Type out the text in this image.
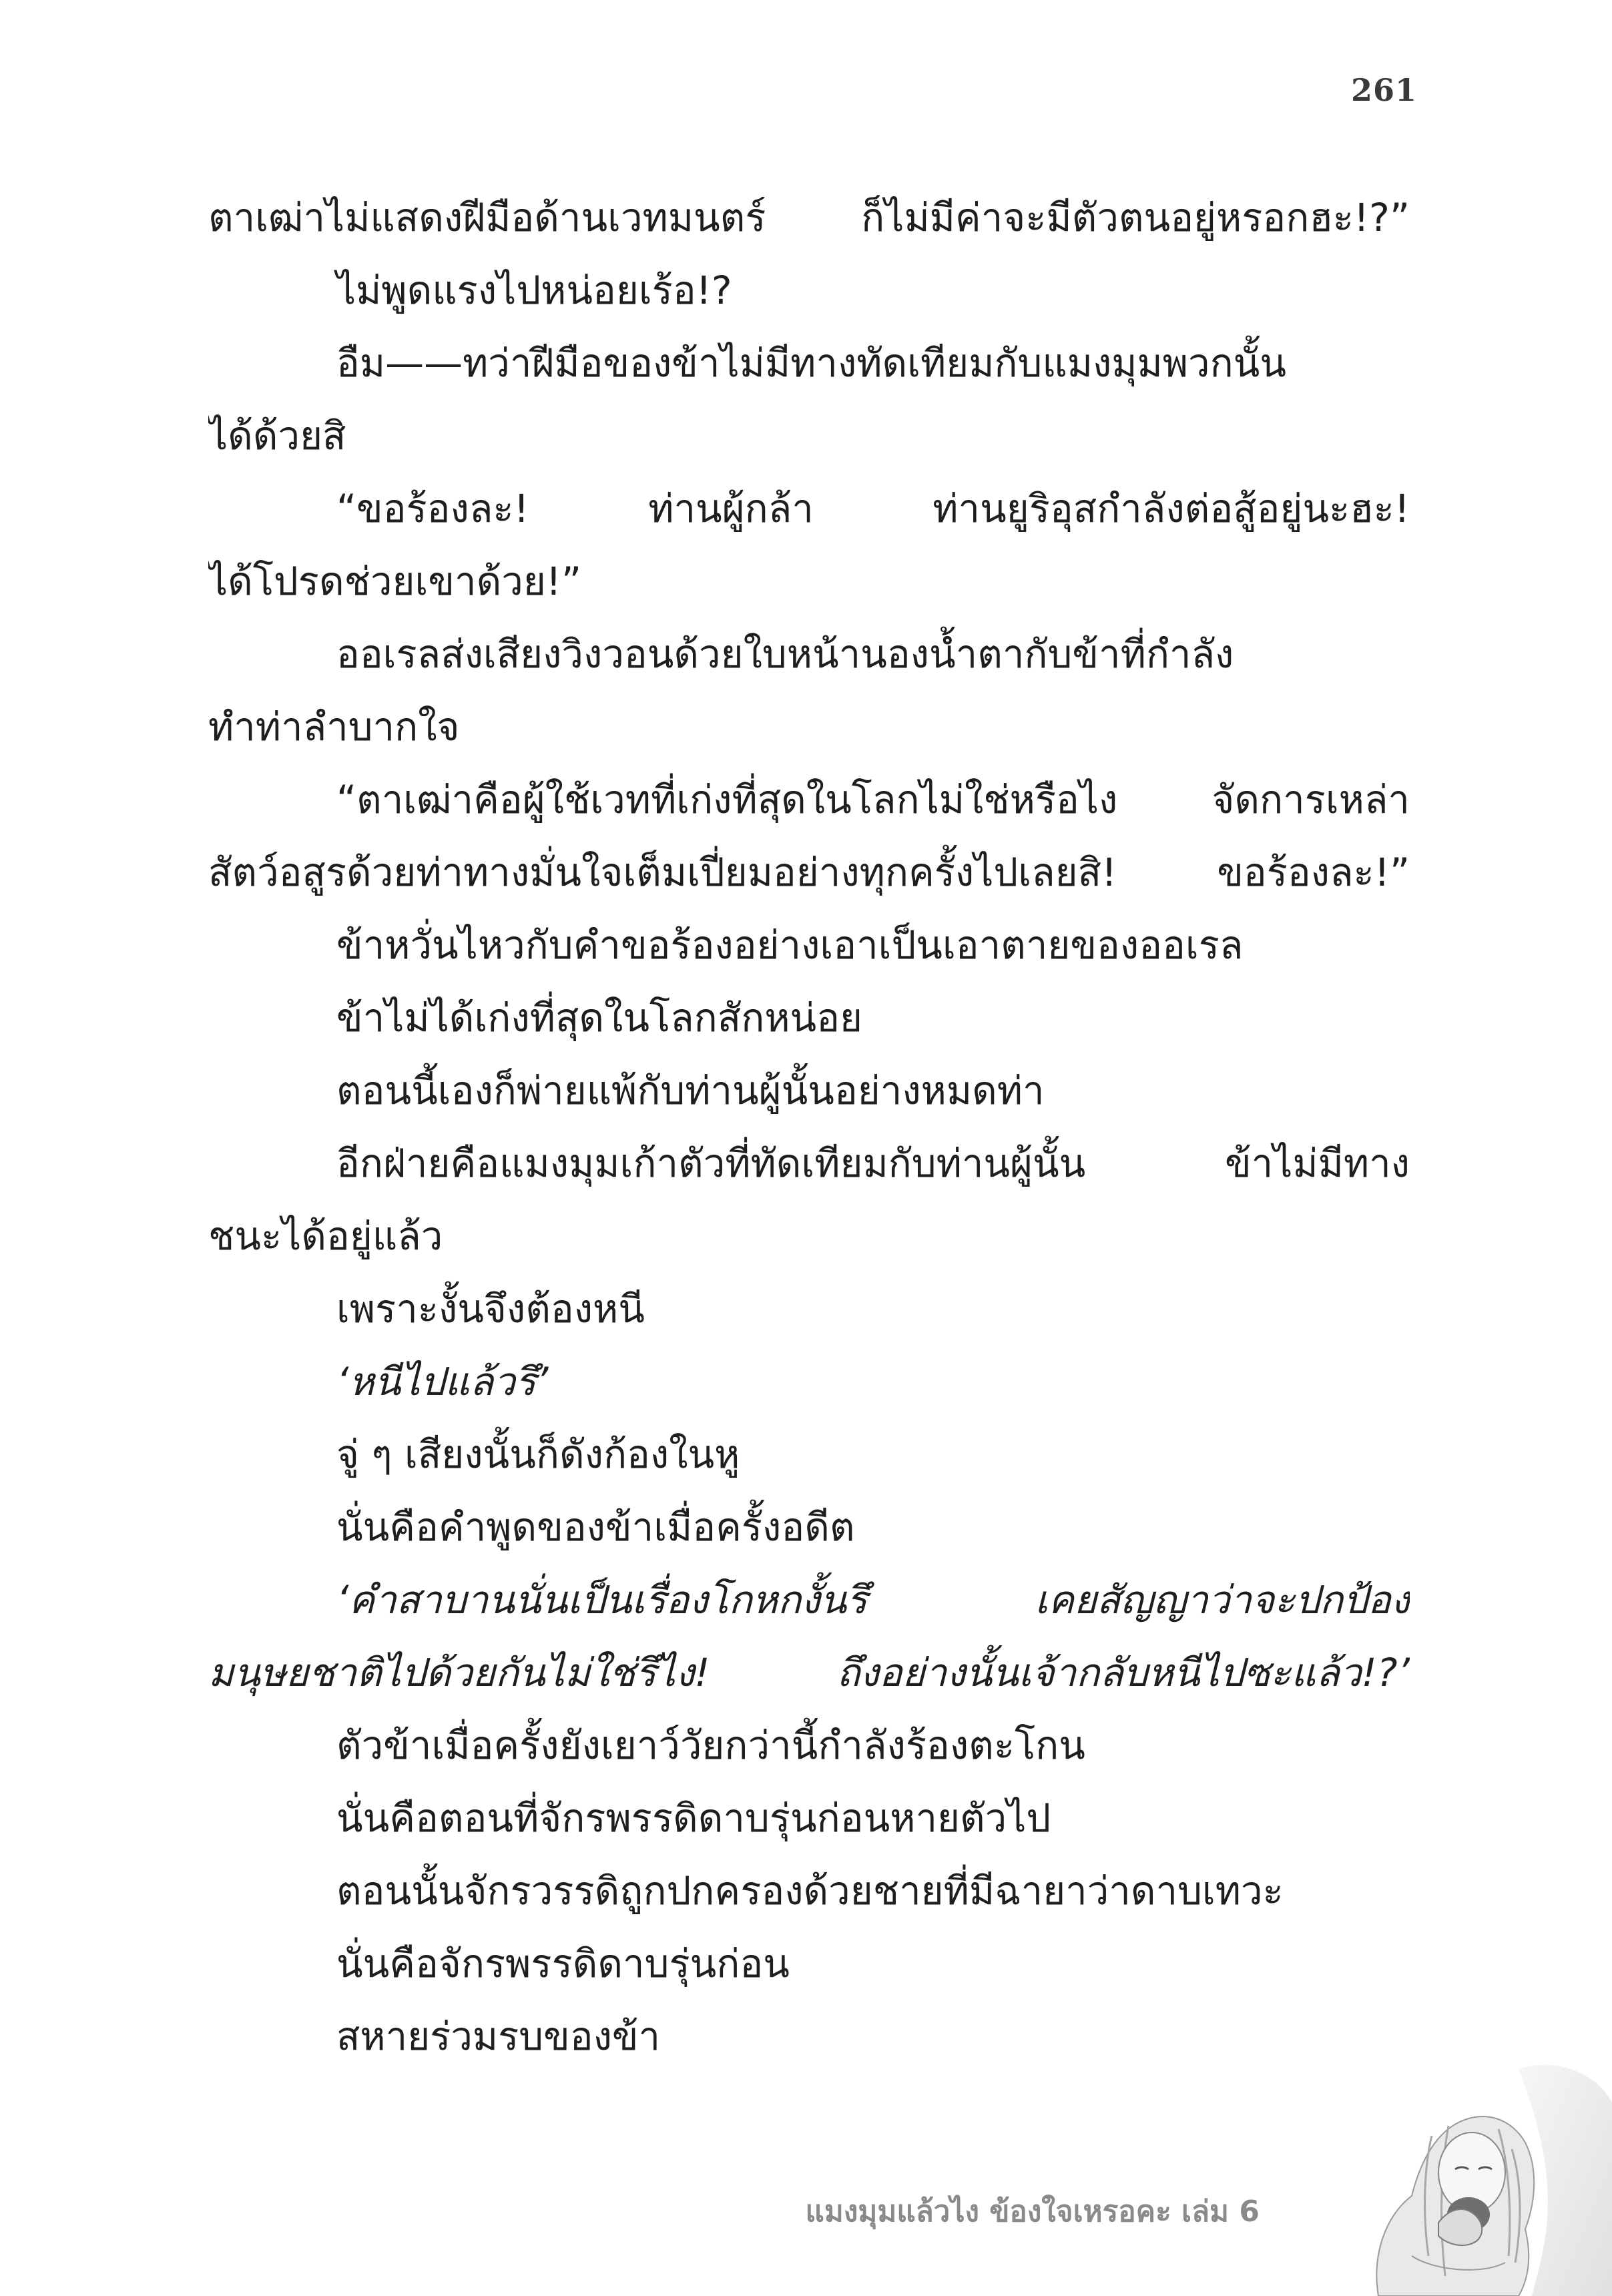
261
ตาเฒ่าไม่แสดงฝีมือด้านเวทมนตร์ ก็ไม่มีค่าจะมีตัวตนอยู่หรอกฮะ!?”
ไม่พูดแรงไปหน่อยเร้อ!?
อืม——ทว่าฝีมือของข้าไม่มีทางทัดเทียมกับแมงมุมพวกนั้น
ได้ด้วยสิ
“ขอร้องละ! ท่านผู้กล้า ท่านยูริอุสกำลังต่อสู้อยู่นะฮะ!
ได้โปรดช่วยเขาด้วย!”
ออเรลส่งเสียงวิงวอนด้วยใบหน้านองน้ำตากับข้าที่กำลัง
ทำท่าลำบากใจ
“ตาเฒ่าคือผู้ใช้เวทที่เก่งที่สุดในโลกไม่ใช่หรือไง จัดการเหล่า
สัตว์อสูรด้วยท่าทางมั่นใจเต็มเปี่ยมอย่างทุกครั้งไปเลยสิ! ขอร้องละ!”
ข้าหวั่นไหวกับคำขอร้องอย่างเอาเป็นเอาตายของออเรล
ข้าไม่ได้เก่งที่สุดในโลกสักหน่อย
ตอนนี้เองก็พ่ายแพ้กับท่านผู้นั้นอย่างหมดท่า
อีกฝ่ายคือแมงมุมเก้าตัวที่ทัดเทียมกับท่านผู้นั้น ข้าไม่มีทาง
ชนะได้อยู่แล้ว
เพราะงั้นจึงต้องหนี
‘หนีไปแล้วรึ’
จู่ ๆ เสียงนั้นก็ดังก้องในหู
นั่นคือคำพูดของข้าเมื่อครั้งอดีต
‘คำสาบานนั่นเป็นเรื่องโกหกงั้นรึ เคยสัญญาว่าจะปกป้อง
มนุษยชาติไปด้วยกันไม่ใช่รึไง! ถึงอย่างนั้นเจ้ากลับหนีไปซะแล้ว!?’
ตัวข้าเมื่อครั้งยังเยาว์วัยกว่านี้กำลังร้องตะโกน
นั่นคือตอนที่จักรพรรดิดาบรุ่นก่อนหายตัวไป
ตอนนั้นจักรวรรดิถูกปกครองด้วยชายที่มีฉายาว่าดาบเทวะ
นั่นคือจักรพรรดิดาบรุ่นก่อน
สหายร่วมรบของข้า
แมงมุมแล้วไง ข้องใจเหรอคะ เล่ม 6
